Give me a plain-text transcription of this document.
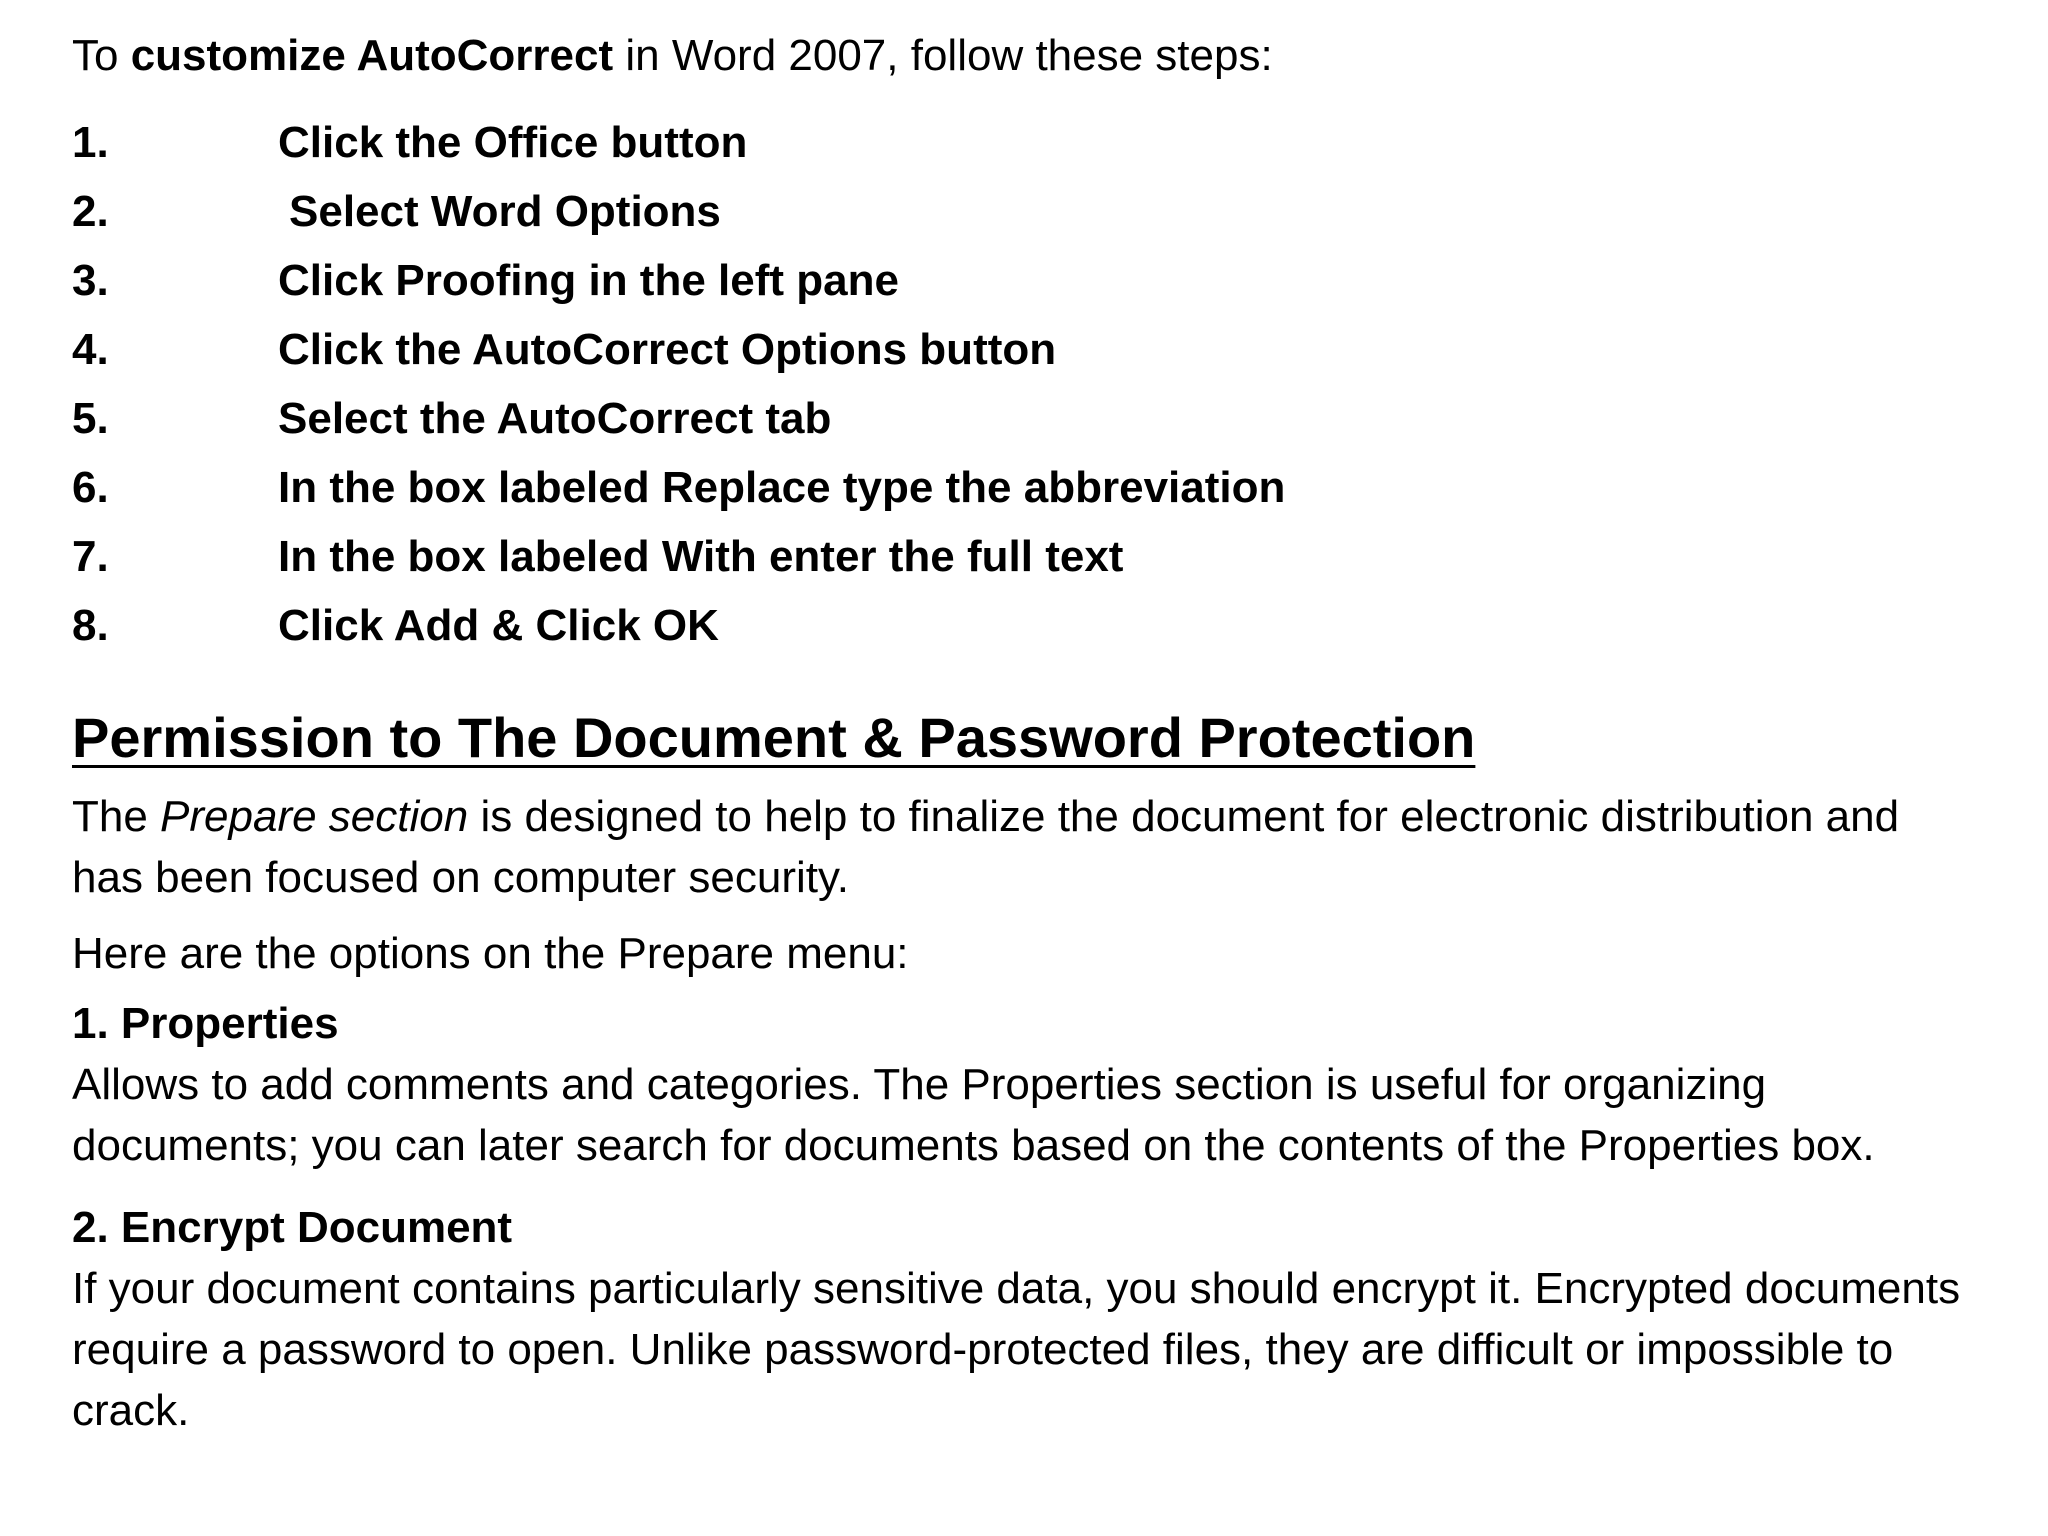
To customize AutoCorrect in Word 2007, follow these steps:

1.	Click the Office button
2.	Select Word Options
3.	Click Proofing in the left pane
4.	Click the AutoCorrect Options button
5.	Select the AutoCorrect tab
6.	In the box labeled Replace type the abbreviation
7.	In the box labeled With enter the full text
8.	Click Add & Click OK
Permission to The Document & Password Protection

The Prepare section is designed to help to finalize the document for electronic distribution and has been focused on computer security.

Here are the options on the Prepare menu:

1. Properties

Allows to add comments and categories. The Properties section is useful for organizing documents; you can later search for documents based on the contents of the Properties box.

2. Encrypt Document

If your document contains particularly sensitive data, you should encrypt it. Encrypted documents require a password to open. Unlike password-protected files, they are difficult or impossible to crack.
